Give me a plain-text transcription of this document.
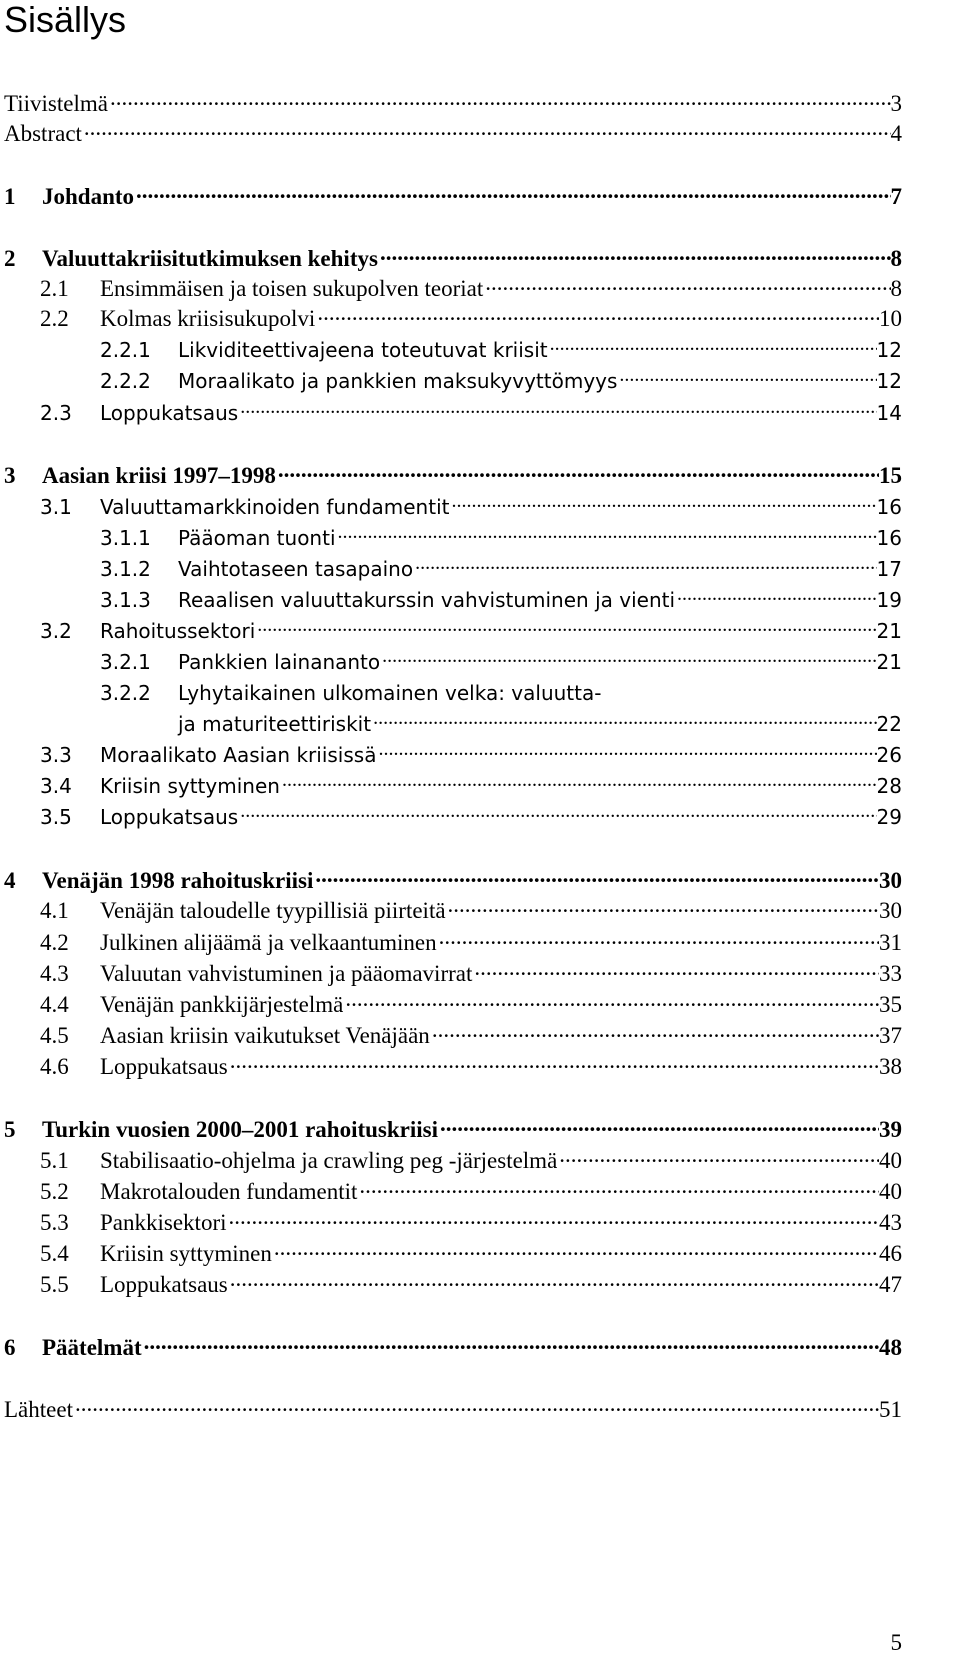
Sisällys
Tiivistelmä .....	3
Abstract .....	4
1	Johdanto .....	7
2	Valuuttakriisitutkimuksen kehitys .....	8
2.1	Ensimmäisen ja toisen sukupolven teoriat .....	8
2.2	Kolmas kriisisukupolvi .....	10
2.2.1	Likviditeettivajeena toteutuvat kriisit .....	12
2.2.2	Moraalikato ja pankkien maksukyvyttömyys .....	12
2.3	Loppukatsaus .....	14
3	Aasian kriisi 1997–1998 .....	15
3.1	Valuuttamarkkinoiden fundamentit .....	16
3.1.1	Pääoman tuonti .....	16
3.1.2	Vaihtotaseen tasapaino .....	17
3.1.3	Reaalisen valuuttakurssin vahvistuminen ja vienti .....	19
3.2	Rahoitussektori .....	21
3.2.1	Pankkien lainananto .....	21
3.2.2 Lyhytaikainen ulkomainen velka: valuutta-
ja maturiteettiriskit .....	22
3.3	Moraalikato Aasian kriisissä .....	26
3.4	Kriisin syttyminen .....	28
3.5	Loppukatsaus .....	29
4	Venäjän 1998 rahoituskriisi .....	30
4.1	Venäjän taloudelle tyypillisiä piirteitä .....	30
4.2	Julkinen alijäämä ja velkaantuminen .....	31
4.3	Valuutan vahvistuminen ja pääomavirrat .....	33
4.4	Venäjän pankkijärjestelmä .....	35
4.5	Aasian kriisin vaikutukset Venäjään .....	37
4.6	Loppukatsaus .....	38
5	Turkin vuosien 2000–2001 rahoituskriisi .....	39
5.1	Stabilisaatio-ohjelma ja crawling peg -järjestelmä .....	40
5.2	Makrotalouden fundamentit .....	40
5.3	Pankkisektori .....	43
5.4	Kriisin syttyminen .....	46
5.5	Loppukatsaus .....	47
6	Päätelmät .....	48
Lähteet .....	51
5
